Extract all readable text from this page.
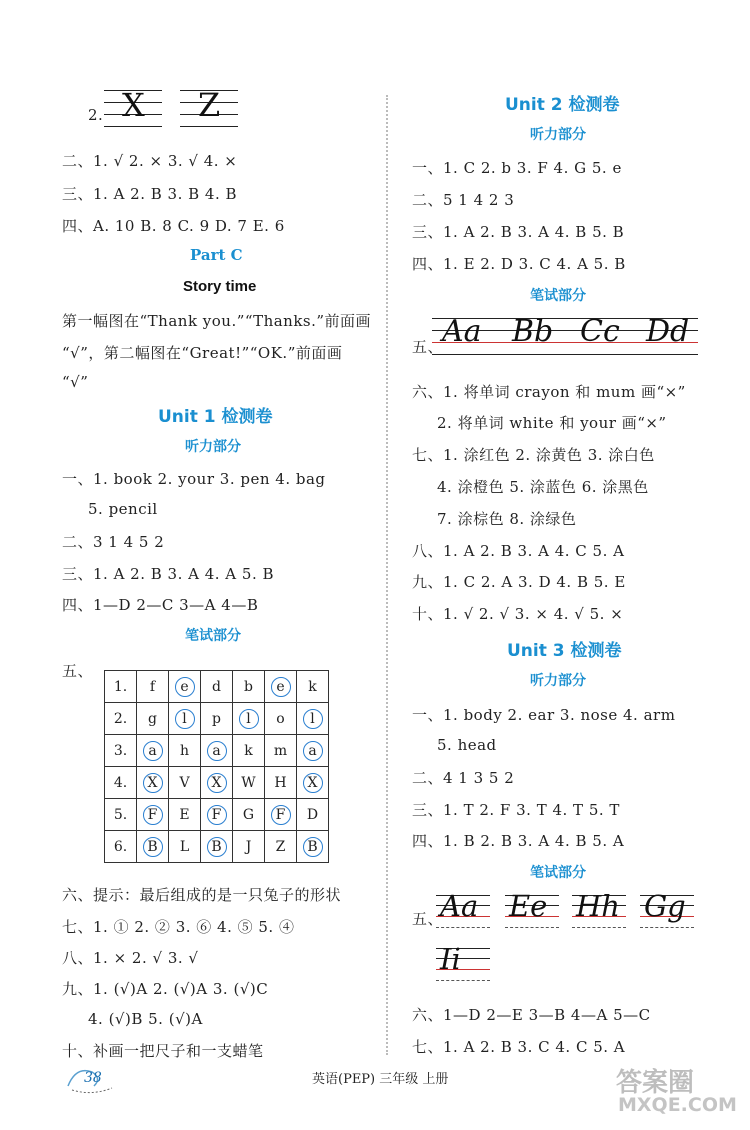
2. X Z
二、1. √ 2. × 3. √ 4. ×
三、1. A 2. B 3. B 4. B
四、A. 10 B. 8 C. 9 D. 7 E. 6
Part C
Story time
第一幅图在“Thank you.”“Thanks.”前面画
“√”，第二幅图在“Great!”“OK.”前面画
“√”
Unit 1 检测卷
听力部分
一、1. book 2. your 3. pen 4. bag
5. pencil
二、3 1 4 5 2
三、1. A 2. B 3. A 4. A 5. B
四、1—D 2—C 3—A 4—B
笔试部分
五、
1.	f	e	d	b	e	k
2.	g	l	p	l	o	l
3.	a	h	a	k	m	a
4.	X	V	X	W	H	X
5.	F	E	F	G	F	D
6.	B	L	B	J	Z	B
六、提示：最后组成的是一只兔子的形状
七、1. ① 2. ② 3. ⑥ 4. ⑤ 5. ④
八、1. × 2. √ 3. √
九、1. (√)A 2. (√)A 3. (√)C
4. (√)B 5. (√)A
十、补画一把尺子和一支蜡笔
Unit 2 检测卷
听力部分
一、1. C 2. b 3. F 4. G 5. e
二、5 1 4 2 3
三、1. A 2. B 3. A 4. B 5. B
四、1. E 2. D 3. C 4. A 5. B
笔试部分
五、
Aa Bb Cc Dd
六、1. 将单词 crayon 和 mum 画“×”
2. 将单词 white 和 your 画“×”
七、1. 涂红色 2. 涂黄色 3. 涂白色
4. 涂橙色 5. 涂蓝色 6. 涂黑色
7. 涂棕色 8. 涂绿色
八、1. A 2. B 3. A 4. C 5. A
九、1. C 2. A 3. D 4. B 5. E
十、1. √ 2. √ 3. × 4. √ 5. ×
Unit 3 检测卷
听力部分
一、1. body 2. ear 3. nose 4. arm
5. head
二、4 1 3 5 2
三、1. T 2. F 3. T 4. T 5. T
四、1. B 2. B 3. A 4. B 5. A
笔试部分
五、
Aa Ee Hh Gg
Ii
六、1—D 2—E 3—B 4—A 5—C
七、1. A 2. B 3. C 4. C 5. A
38	英语(PEP) 三年级 上册	答案圈
MXQE.COM
